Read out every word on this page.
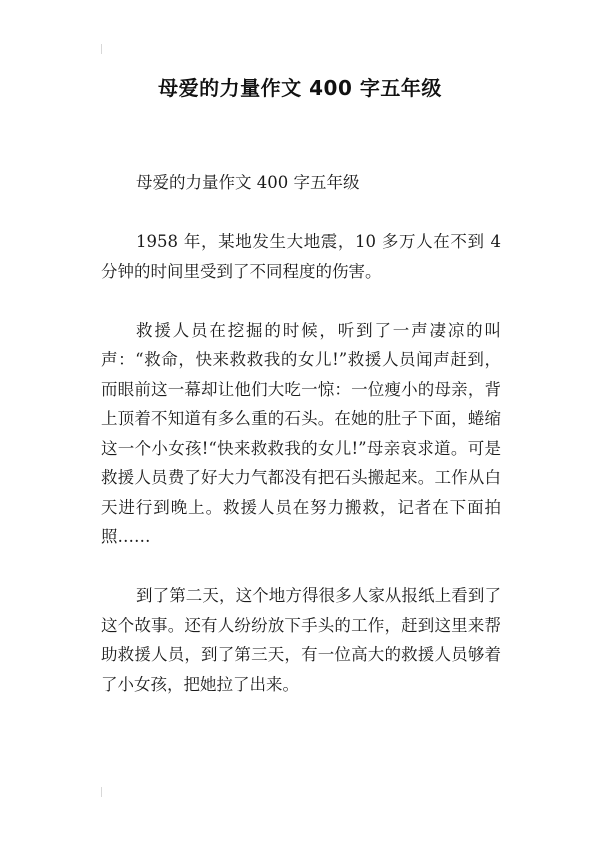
母爱的力量作文 400 字五年级

母爱的力量作文 400 字五年级

1958 年，某地发生大地震，10 多万人在不到 4 分钟的时间里受到了不同程度的伤害。

救援人员在挖掘的时候，听到了一声凄凉的叫声：“救命，快来救救我的女儿!”救援人员闻声赶到，而眼前这一幕却让他们大吃一惊：一位瘦小的母亲，背上顶着不知道有多么重的石头。在她的肚子下面，蜷缩这一个小女孩!“快来救救我的女儿!”母亲哀求道。可是救援人员费了好大力气都没有把石头搬起来。工作从白天进行到晚上。救援人员在努力搬救，记者在下面拍照……

到了第二天，这个地方得很多人家从报纸上看到了这个故事。还有人纷纷放下手头的工作，赶到这里来帮助救援人员，到了第三天，有一位高大的救援人员够着了小女孩，把她拉了出来。
